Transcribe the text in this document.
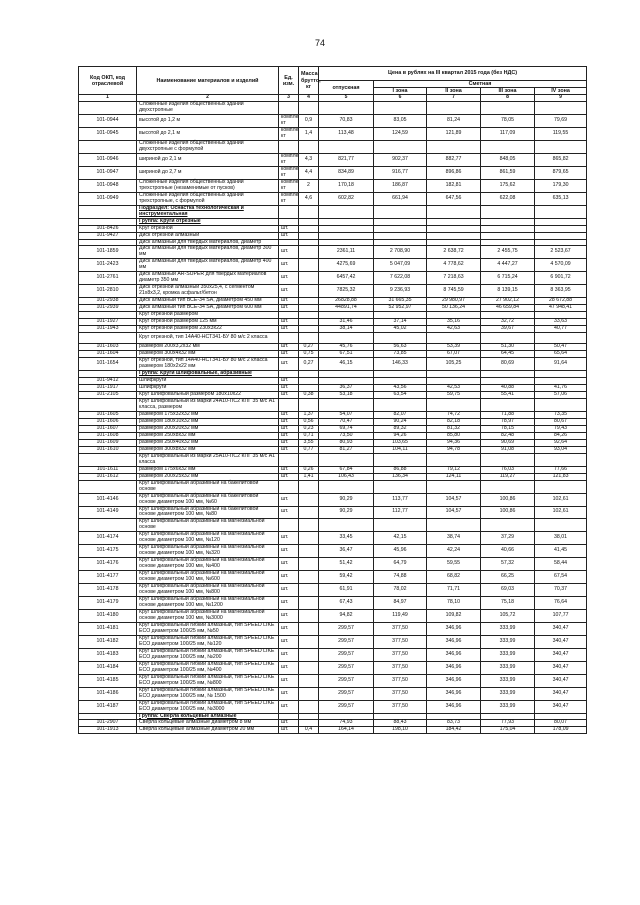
74
Код ОКП, код отраслевой	Наименование материалов и изделий	Ед. изм.	Масса брутто, кг	Цена в рублях на III квартал 2015 года (без НДС)				
				отпускная	Сметная			
					I зона	II зона	III зона	IV зона
1	2	3	4	5	6	7	8	9
	Сложенные изделия общественных зданий двухстропные							
101-0944	высотой до 1,2 м	компле кт	0,9	70,83	83,05	81,24	78,05	79,69
101-0945	высотой до 2,1 м	компле кт	1,4	113,48	124,59	121,89	117,09	119,55
	Сложенные изделия общественных зданий двухстропные с формулой							
101-0946	шириной до 2,1 м	компле кт	4,3	821,77	902,37	882,77	848,05	865,82
101-0947	шириной до 2,7 м	компле кт	4,4	834,89	916,77	896,86	861,59	879,65
101-0948	Сложенные изделия общественных зданий трехстропные (незаменимые от пусков)	компле кт	2	170,18	186,87	182,81	175,62	179,30
101-0949	Сложенные изделия общественных зданий трехстропные, с формулой	компле кт	4,6	602,82	661,94	647,56	622,08	635,13
	Подраздел: Оснастка технологическая и инструментальная							
	Группа: Круги отрезные							
101-8426	Круг отрезной	шт.						
101-9427	Диск отрезной алмазный	шт.						
	Диск алмазный для твердых материалов, диаметр							
101-1859	Диск алмазный для твердых материалов, диаметр 300 мм	шт.		2361,11	2 708,90	2 638,72	2 455,75	2 523,67
101-2423	Диск алмазный для твердых материалов, диаметр 400 мм	шт.		4275,69	5 047,09	4 778,62	4 447,27	4 570,09
101-2761	Диск алмазный AR-SUPER для твердых материалов диаметр 350 мм	шт.		6457,42	7 622,08	7 218,63	6 715,24	6 901,72
101-2810	Диск отрезной алмазный 350х25,4, с сегментом 21х8х3,2, кромка асфальт/бетон	шт.		7825,32	9 236,93	8 745,59	8 139,15	8 363,95
101-2938	Диск алмазный тип ВСЕ-34 SA, диаметром 450 мм	шт.		26828,88	31 665,35	29 980,97	27 902,12	28 672,88
101-2939	Диск алмазный тип ВСЕ-34 SA, диаметром 600 мм	шт.		44891,74	52 952,97	50 136,24	46 659,84	47 948,41
	Круг отрезной размером							
101-1927	Круг отрезной размером 125 мм	шт.		31,46	37,14	35,16	32,72	33,63
101-1943	Круг отрезной размером 230х3х22	шт.		38,14	45,02	42,63	39,67	40,77
	Круг отрезной, тип 14А40-НСТ341-БУ 80 м/с 2 класса							
101-1603	размером 200х3,2х32 мм	шт.	0,27	45,76	56,63	53,39	51,30	50,47
101-1604	размером 300х4х32 мм	шт.	0,75	67,51	73,85	67,07	64,45	65,64
101-1654	Круг отрезной, тип 14А40-НСТ341-БУ 80 м/с 2 класса размером 180х2х22 мм	шт.	0,27	46,15	146,33	105,25	80,69	91,64
	Группа: Круги шлифовальные, абразивные							
101-9412	Шлифкруги	шт.						
101-1917	Шлифкруги	шт.		36,37	43,56	42,53	40,88	41,76
101-2105	Круг шлифовальный размером 180х10х22	шт.	0,38	53,18	63,54	59,75	55,41	57,06
	Круг шлифовальный из марки 24А10-ПС2 КПГ 35 м/с А1 класса, размером							
101-1605	размером 175х32х32 мм	шт.	1,37	54,07	82,07	74,72	71,88	73,35
101-1606	размером 180х10х32 мм	шт.	0,56	70,47	90,24	82,18	78,97	80,67
101-1607	размером 200х20х32 мм	шт.	0,23	69,74	89,32	81,32	78,15	79,43
101-1608	размером 250х8х32 мм	шт.	0,71	73,50	94,26	85,80	82,48	84,26
101-1609	размером 250х40х32 мм	шт.	3,55	80,93	103,65	94,36	90,69	92,64
101-1610	размером 300х8х32 мм	шт.	0,77	81,27	104,11	94,78	91,08	93,04
	Круг шлифовальный из марки 25А10-ПС2 КПГ 35 м/с А1 класса							
101-1611	размером 175х6х32 мм	шт.	0,26	67,84	86,88	79,12	76,03	77,66
101-1612	размером 200х25х32 мм	шт.	1,41	106,43	136,34	124,11	119,27	121,83
	Круг шлифовальный абразивный на бакелитовой основе							
101-4146	Круг шлифовальный абразивный на бакелитовой основе диаметром 100 мм, №60	шт.		90,29	113,77	104,57	100,86	102,61
101-4149	Круг шлифовальный абразивный на бакелитовой основе диаметром 100 мм, №80	шт.		90,29	112,77	104,57	100,86	102,61
	Круг шлифовальный абразивный на магнезиальной основе							
101-4174	Круг шлифовальный абразивный на магнезиальной основе диаметром 100 мм, №120	шт.		33,45	42,15	38,74	37,29	38,01
101-4175	Круг шлифовальный абразивный на магнезиальной основе диаметром 100 мм, №320	шт.		36,47	45,96	42,24	40,66	41,45
101-4176	Круг шлифовальный абразивный на магнезиальной основе диаметром 100 мм, №400	шт.		51,42	64,79	59,55	57,32	58,44
101-4177	Круг шлифовальный абразивный на магнезиальной основе диаметром 100 мм, №600	шт.		59,42	74,88	68,82	66,25	67,54
101-4178	Круг шлифовальный абразивный на магнезиальной основе диаметром 100 мм, №800	шт.		61,91	78,02	71,71	69,03	70,37
101-4179	Круг шлифовальный абразивный на магнезиальной основе диаметром 100 мм, №1200	шт.		67,43	84,97	78,10	75,18	76,64
101-4180	Круг шлифовальный абразивный на магнезиальной основе диаметром 100 мм, №3000	шт.		94,82	119,49	109,82	105,72	107,77
101-4181	Круг шлифовальный гибкий алмазный, тип SPEED LIKE ECO диаметром 100/25 мм, №50	шт.		299,57	377,50	346,96	333,99	340,47
101-4182	Круг шлифовальный гибкий алмазный, тип SPEED LIKE ECO диаметром 100/25 мм, №120	шт.		299,57	377,50	346,96	333,99	340,47
101-4183	Круг шлифовальный гибкий алмазный, тип SPEED LIKE ECO диаметром 100/25 мм, №200	шт.		299,57	377,50	346,96	333,99	340,47
101-4184	Круг шлифовальный гибкий алмазный, тип SPEED LIKE ECO диаметром 100/25 мм, №400	шт.		299,57	377,50	346,96	333,99	340,47
101-4185	Круг шлифовальный гибкий алмазный, тип SPEED LIKE ECO диаметром 100/25 мм, №800	шт.		299,57	377,50	346,96	333,99	340,47
101-4186	Круг шлифовальный гибкий алмазный, тип SPEED LIKE ECO диаметром 100/25 мм, № 1500	шт.		299,57	377,50	346,96	333,99	340,47
101-4187	Круг шлифовальный гибкий алмазный, тип SPEED LIKE ECO диаметром 100/25 мм, №3000	шт.		299,57	377,50	346,96	333,99	340,47
	Группа: Сверла кольцевые алмазные							
101-2907	Сверла кольцевые алмазные диаметром 8 мм	шт.		74,93	88,43	83,73	77,93	80,07
101-1913	Сверла кольцевые алмазные диаметром 20 мм	шт.	0,4	164,14	198,10	184,42	175,04	178,09
